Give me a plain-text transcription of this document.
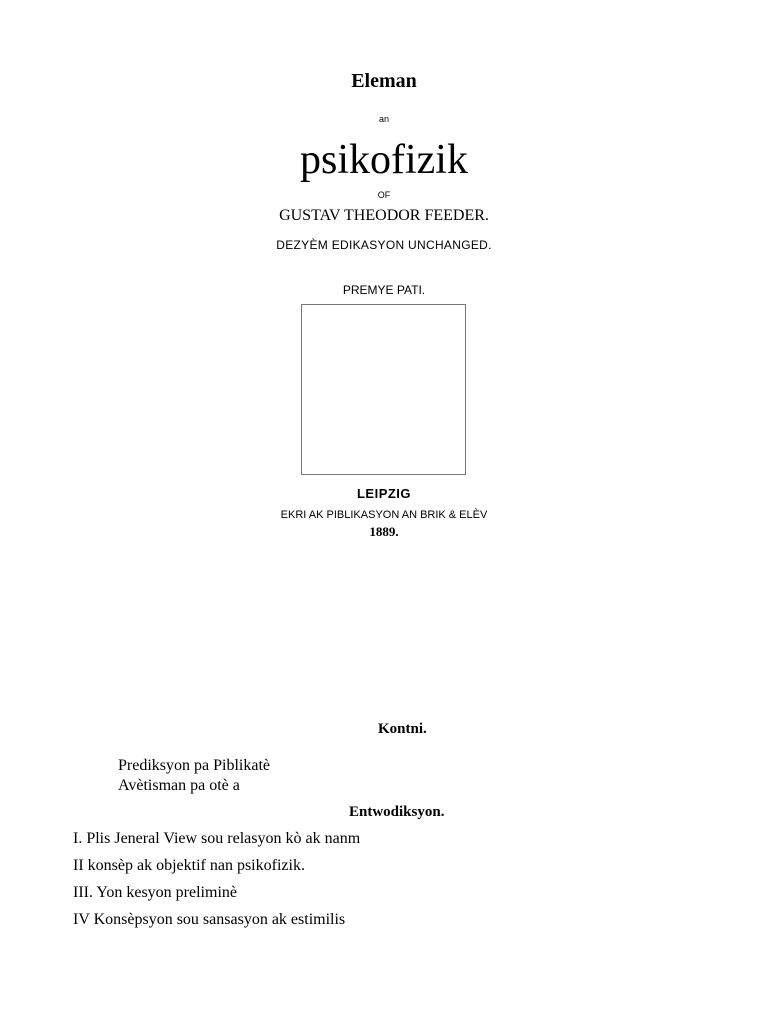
Eleman
an
psikofizik
OF
GUSTAV THEODOR FEEDER.
DEZYÈM EDIKASYON UNCHANGED.
PREMYE PATI.
LEIPZIG
EKRI AK PIBLIKASYON AN BRIK & ELÈV
1889.
Kontni.
Prediksyon pa Piblikatè
Avètisman pa otè a
Entwodiksyon.
I. Plis Jeneral View sou relasyon kò ak nanm
II konsèp ak objektif nan psikofizik.
III. Yon kesyon preliminè
IV Konsèpsyon sou sansasyon ak estimilis
